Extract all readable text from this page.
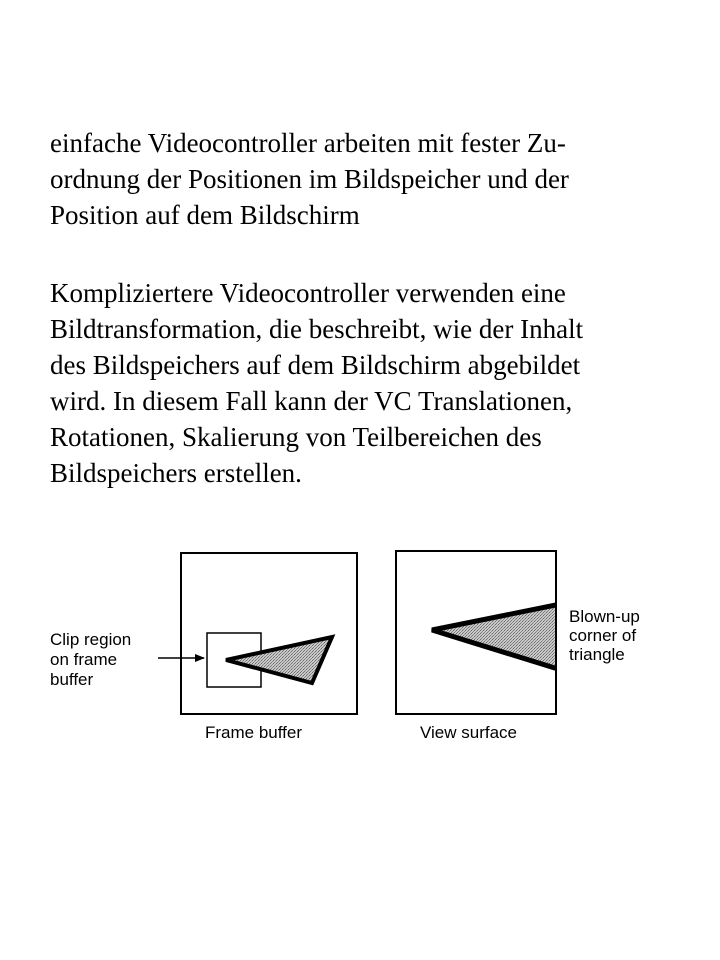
einfache Videocontroller arbeiten mit fester Zu-
ordnung der Positionen im Bildspeicher und der
Position auf dem Bildschirm
Kompliziertere Videocontroller verwenden eine
Bildtransformation, die beschreibt, wie der Inhalt
des Bildspeichers auf dem Bildschirm abgebildet
wird. In diesem Fall kann der VC Translationen,
Rotationen, Skalierung von Teilbereichen des
Bildspeichers erstellen.
Clip region on frame buffer
Frame buffer	View surface
Blown-up corner of triangle
